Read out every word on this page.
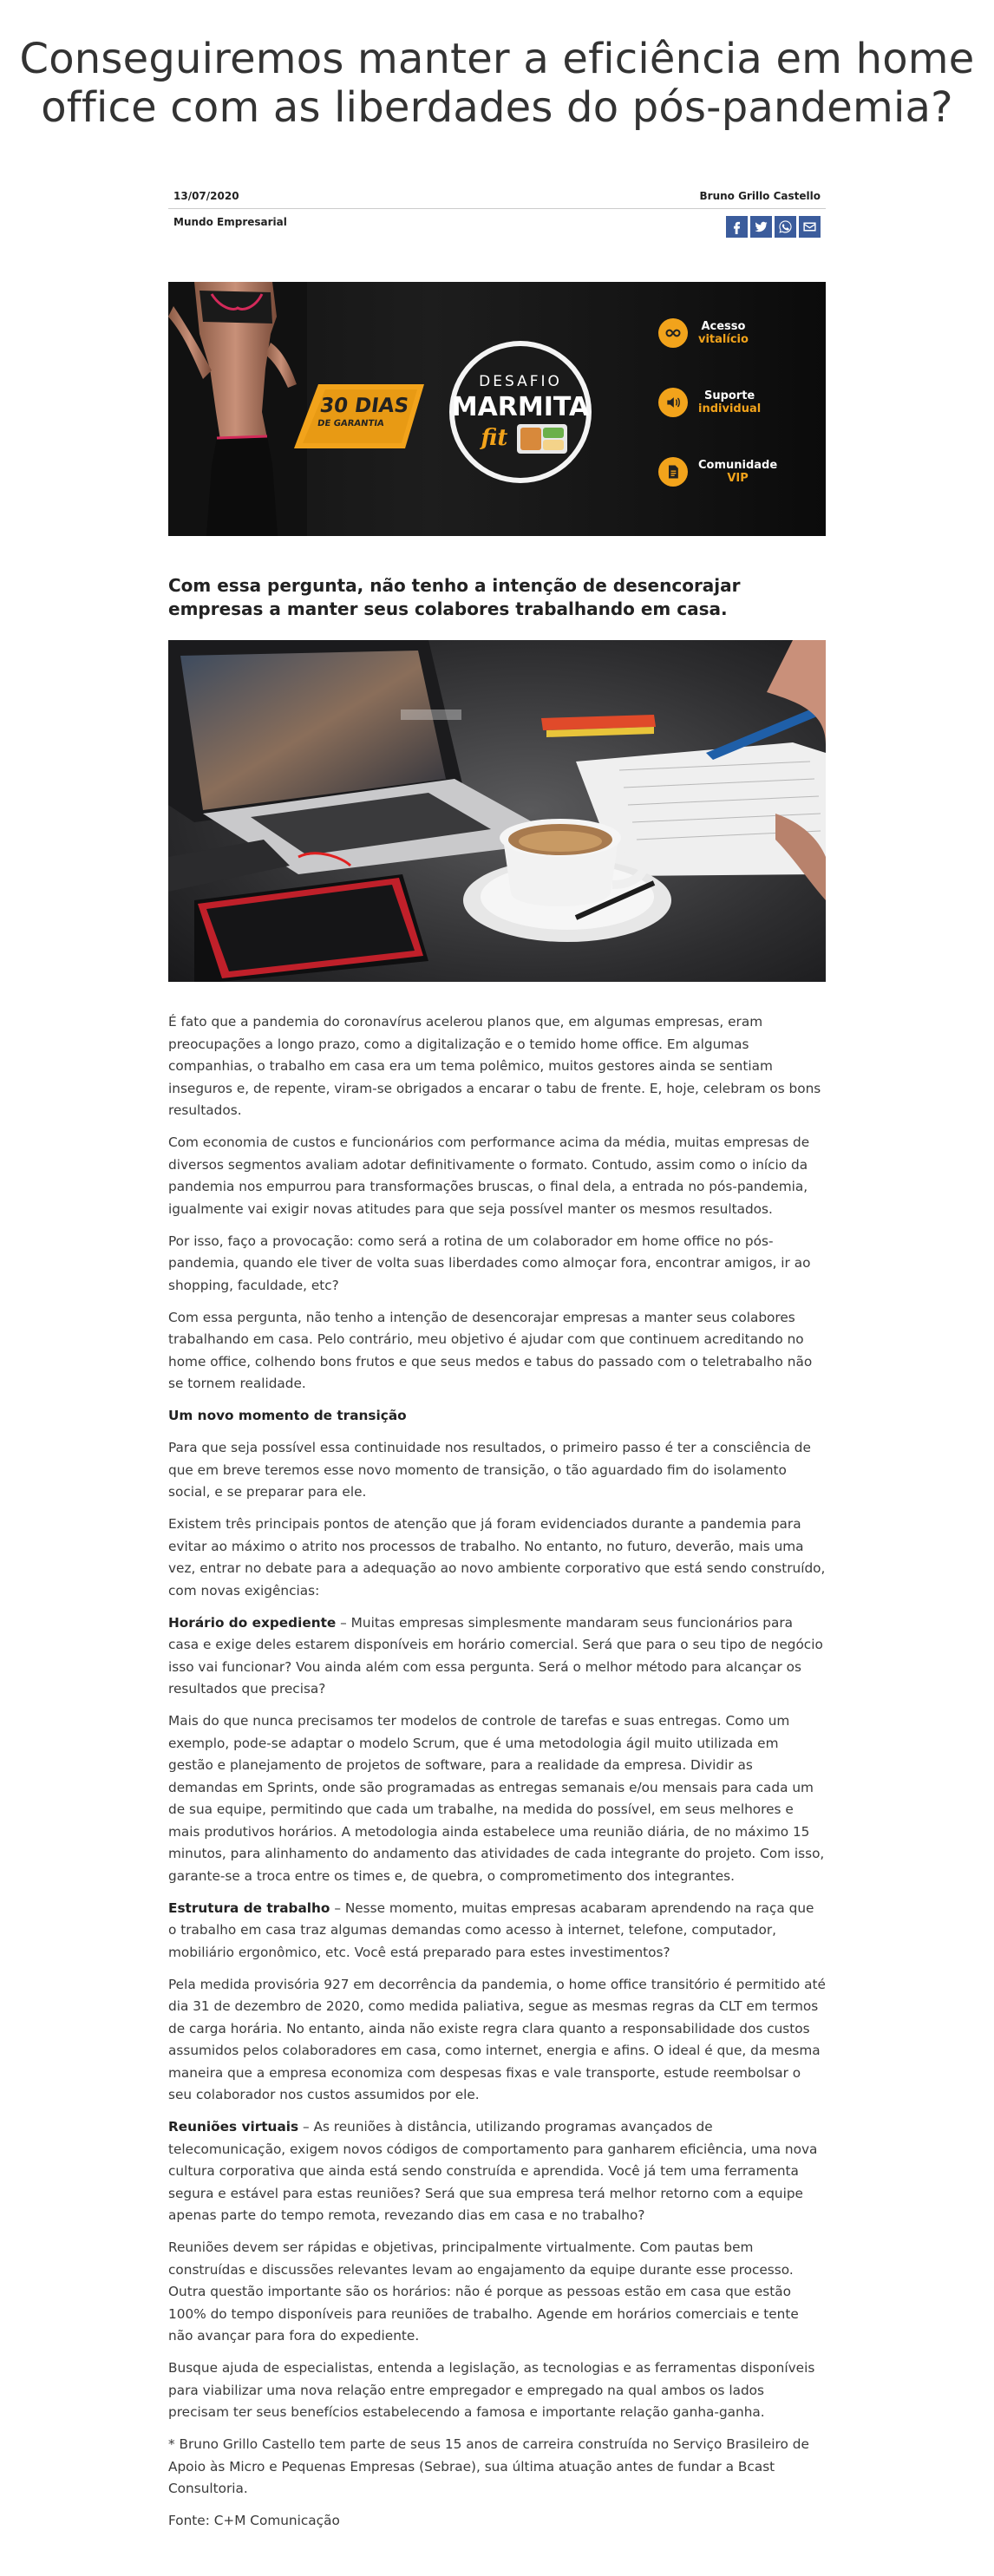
Conseguiremos manter a eficiência em home office com as liberdades do pós-pandemia?
13/07/2020	Bruno Grillo Castello
Mundo Empresarial
30 DIAS
DE GARANTIA
DESAFIO
MARMITA
fit
Acesso
vitalício
Suporte
individual
Comunidade
VIP

Com essa pergunta, não tenho a intenção de desencorajar empresas a manter seus colabores trabalhando em casa.

É fato que a pandemia do coronavírus acelerou planos que, em algumas empresas, eram preocupações a longo prazo, como a digitalização e o temido home office. Em algumas companhias, o trabalho em casa era um tema polêmico, muitos gestores ainda se sentiam inseguros e, de repente, viram-se obrigados a encarar o tabu de frente. E, hoje, celebram os bons resultados.

Com economia de custos e funcionários com performance acima da média, muitas empresas de diversos segmentos avaliam adotar definitivamente o formato. Contudo, assim como o início da pandemia nos empurrou para transformações bruscas, o final dela, a entrada no pós-pandemia, igualmente vai exigir novas atitudes para que seja possível manter os mesmos resultados.

Por isso, faço a provocação: como será a rotina de um colaborador em home office no pós-pandemia, quando ele tiver de volta suas liberdades como almoçar fora, encontrar amigos, ir ao shopping, faculdade, etc?

Com essa pergunta, não tenho a intenção de desencorajar empresas a manter seus colabores trabalhando em casa. Pelo contrário, meu objetivo é ajudar com que continuem acreditando no home office, colhendo bons frutos e que seus medos e tabus do passado com o teletrabalho não se tornem realidade.

Um novo momento de transição

Para que seja possível essa continuidade nos resultados, o primeiro passo é ter a consciência de que em breve teremos esse novo momento de transição, o tão aguardado fim do isolamento social, e se preparar para ele.

Existem três principais pontos de atenção que já foram evidenciados durante a pandemia para evitar ao máximo o atrito nos processos de trabalho. No entanto, no futuro, deverão, mais uma vez, entrar no debate para a adequação ao novo ambiente corporativo que está sendo construído, com novas exigências:

Horário do expediente – Muitas empresas simplesmente mandaram seus funcionários para casa e exige deles estarem disponíveis em horário comercial. Será que para o seu tipo de negócio isso vai funcionar? Vou ainda além com essa pergunta. Será o melhor método para alcançar os resultados que precisa?

Mais do que nunca precisamos ter modelos de controle de tarefas e suas entregas. Como um exemplo, pode-se adaptar o modelo Scrum, que é uma metodologia ágil muito utilizada em gestão e planejamento de projetos de software, para a realidade da empresa. Dividir as demandas em Sprints, onde são programadas as entregas semanais e/ou mensais para cada um de sua equipe, permitindo que cada um trabalhe, na medida do possível, em seus melhores e mais produtivos horários. A metodologia ainda estabelece uma reunião diária, de no máximo 15 minutos, para alinhamento do andamento das atividades de cada integrante do projeto. Com isso, garante-se a troca entre os times e, de quebra, o comprometimento dos integrantes.

Estrutura de trabalho – Nesse momento, muitas empresas acabaram aprendendo na raça que o trabalho em casa traz algumas demandas como acesso à internet, telefone, computador, mobiliário ergonômico, etc. Você está preparado para estes investimentos?

Pela medida provisória 927 em decorrência da pandemia, o home office transitório é permitido até dia 31 de dezembro de 2020, como medida paliativa, segue as mesmas regras da CLT em termos de carga horária. No entanto, ainda não existe regra clara quanto a responsabilidade dos custos assumidos pelos colaboradores em casa, como internet, energia e afins. O ideal é que, da mesma maneira que a empresa economiza com despesas fixas e vale transporte, estude reembolsar o seu colaborador nos custos assumidos por ele.

Reuniões virtuais – As reuniões à distância, utilizando programas avançados de telecomunicação, exigem novos códigos de comportamento para ganharem eficiência, uma nova cultura corporativa que ainda está sendo construída e aprendida. Você já tem uma ferramenta segura e estável para estas reuniões? Será que sua empresa terá melhor retorno com a equipe apenas parte do tempo remota, revezando dias em casa e no trabalho?

Reuniões devem ser rápidas e objetivas, principalmente virtualmente. Com pautas bem construídas e discussões relevantes levam ao engajamento da equipe durante esse processo. Outra questão importante são os horários: não é porque as pessoas estão em casa que estão 100% do tempo disponíveis para reuniões de trabalho. Agende em horários comerciais e tente não avançar para fora do expediente.

Busque ajuda de especialistas, entenda a legislação, as tecnologias e as ferramentas disponíveis para viabilizar uma nova relação entre empregador e empregado na qual ambos os lados precisam ter seus benefícios estabelecendo a famosa e importante relação ganha-ganha.

* Bruno Grillo Castello tem parte de seus 15 anos de carreira construída no Serviço Brasileiro de Apoio às Micro e Pequenas Empresas (Sebrae), sua última atuação antes de fundar a Bcast Consultoria.

Fonte: C+M Comunicação
